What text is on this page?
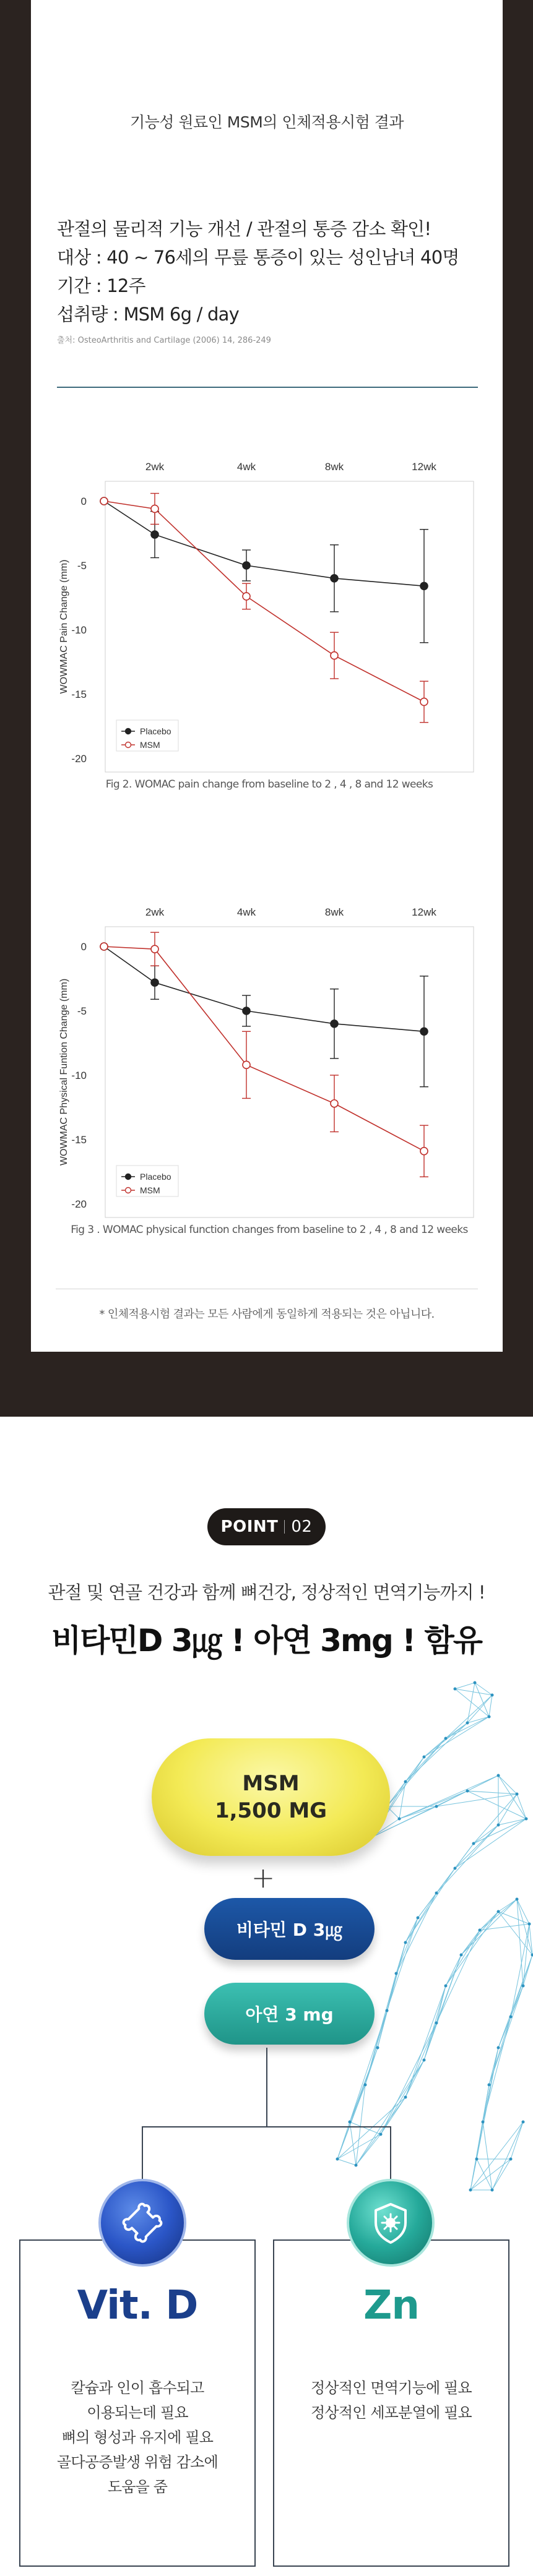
기능성 원료인 MSM의 인체적용시험 결과

관절의 물리적 기능 개선 / 관절의 통증 감소 확인!

대상 : 40 ~ 76세의 무릎 통증이 있는 성인남녀 40명

기간 : 12주

섭취량 : MSM 6g / day

출처: OsteoArthritis and Cartilage (2006) 14, 286-249

2wk	4wk	8wk	12wk
0
-5
-10
-15
-20
WOWMAC Pain Change (mm)
Placebo
MSM
Fig 2. WOMAC pain change from baseline to 2 , 4 , 8 and 12 weeks
2wk	4wk	8wk	12wk
0
-5
-10
-15
-20
WOWMAC Physical Funtion Change (mm)
Placebo
MSM
Fig 3 . WOMAC physical function changes from baseline to 2 , 4 , 8 and 12 weeks
* 인체적용시험 결과는 모든 사람에게 동일하게 적용되는 것은 아닙니다.
POINT 02
관절 및 연골 건강과 함께 뼈건강, 정상적인 면역기능까지 !
비타민D 3㎍ ! 아연 3mg ! 함유
MSM
1,500 MG
+
비타민 D 3㎍
아연 3 mg
Vit. D
칼슘과 인이 흡수되고
이용되는데 필요
뼈의 형성과 유지에 필요
골다공증발생 위험 감소에
도움을 줌
Zn
정상적인 면역기능에 필요
정상적인 세포분열에 필요
